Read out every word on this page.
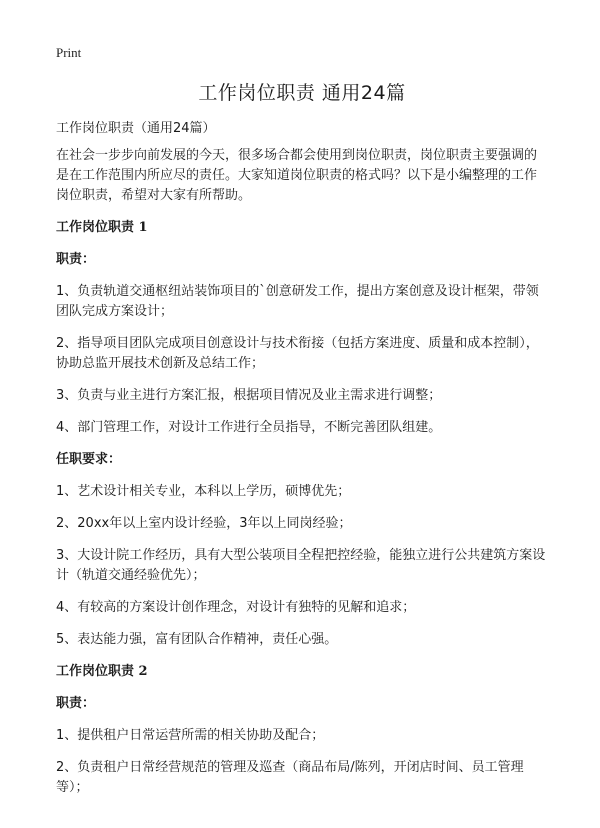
Print
工作岗位职责 通用24篇
工作岗位职责（通用24篇）
在社会一步步向前发展的今天，很多场合都会使用到岗位职责，岗位职责主要强调的是在工作范围内所应尽的责任。大家知道岗位职责的格式吗？以下是小编整理的工作岗位职责，希望对大家有所帮助。
工作岗位职责 1
职责：
1、负责轨道交通枢纽站装饰项目的`创意研发工作，提出方案创意及设计框架，带领团队完成方案设计；
2、指导项目团队完成项目创意设计与技术衔接（包括方案进度、质量和成本控制），协助总监开展技术创新及总结工作；
3、负责与业主进行方案汇报，根据项目情况及业主需求进行调整；
4、部门管理工作，对设计工作进行全员指导，不断完善团队组建。
任职要求：
1、艺术设计相关专业，本科以上学历，硕博优先；
2、20xx年以上室内设计经验，3年以上同岗经验；
3、大设计院工作经历，具有大型公装项目全程把控经验，能独立进行公共建筑方案设计（轨道交通经验优先）；
4、有较高的方案设计创作理念，对设计有独特的见解和追求；
5、表达能力强，富有团队合作精神，责任心强。
工作岗位职责 2
职责：
1、提供租户日常运营所需的相关协助及配合；
2、负责租户日常经营规范的管理及巡查（商品布局/陈列，开闭店时间、员工管理等）；
